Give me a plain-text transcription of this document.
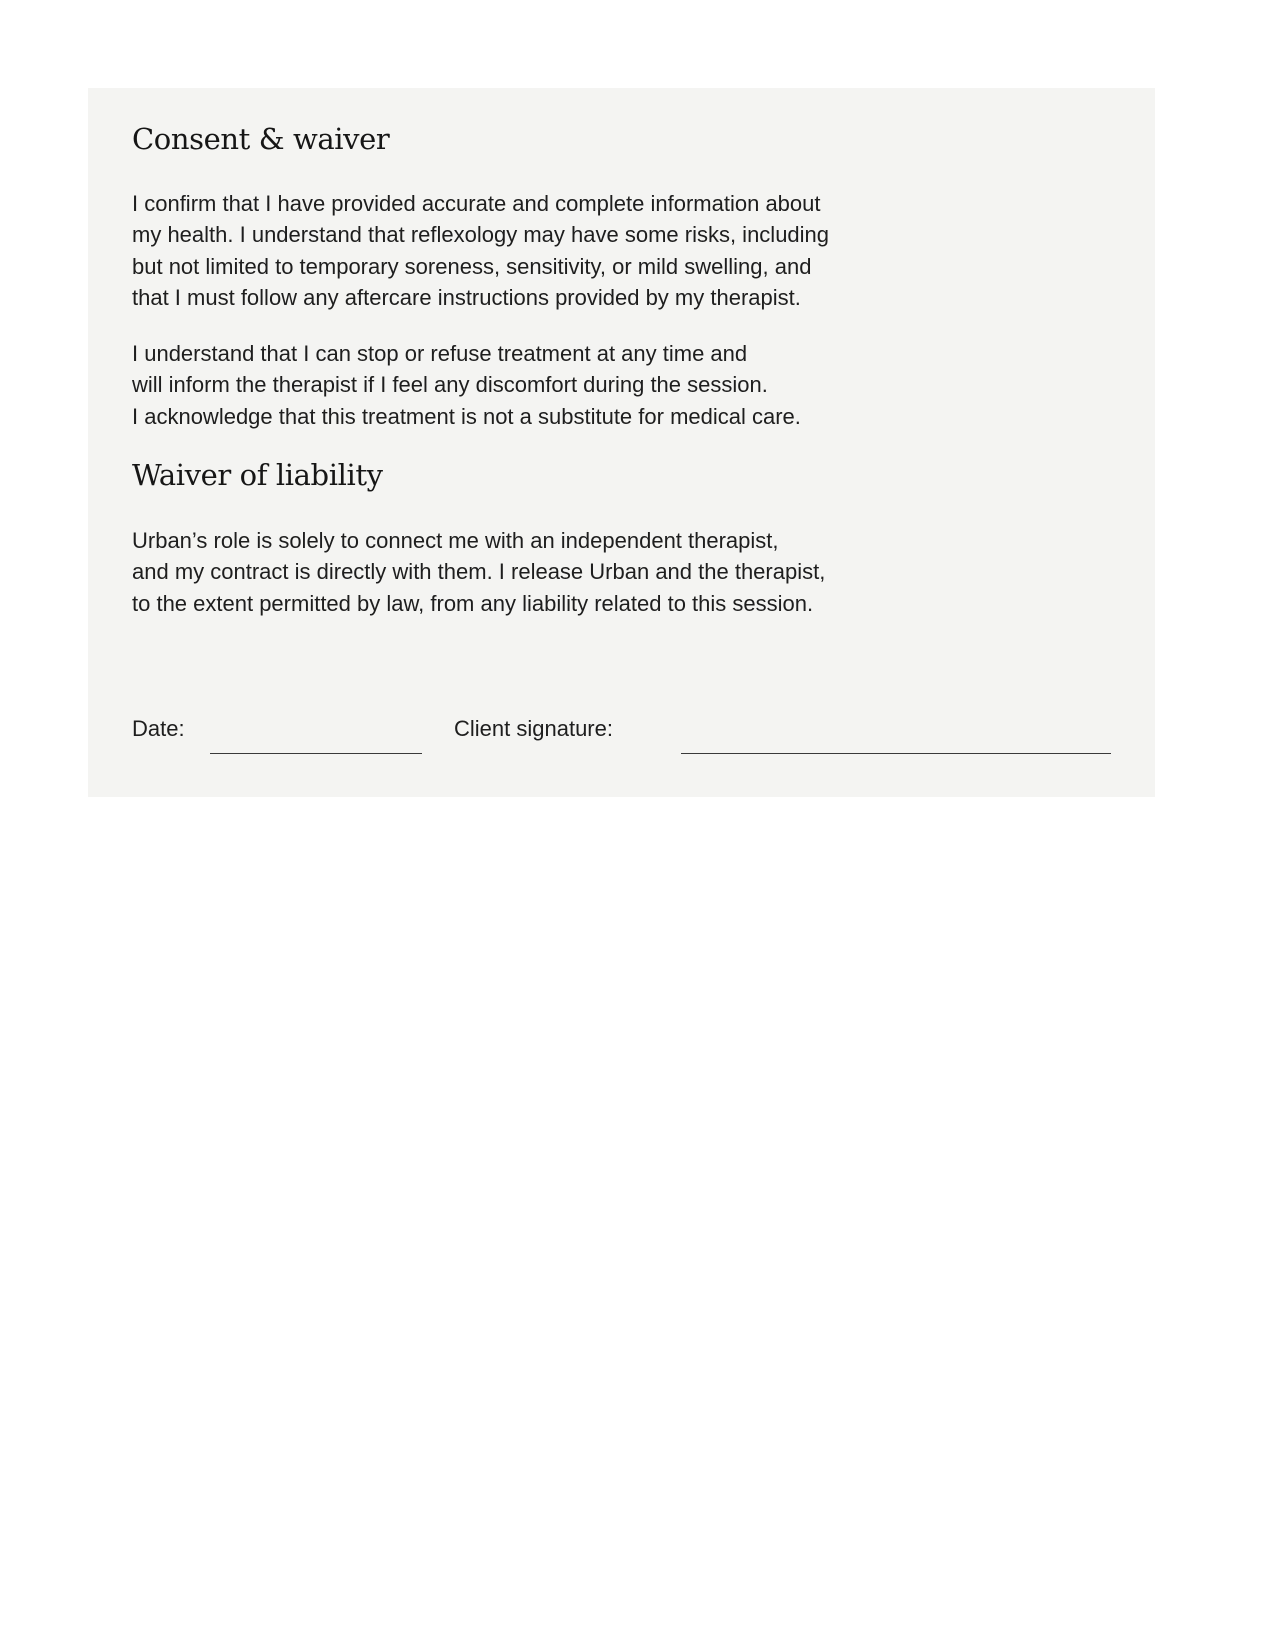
Consent & waiver

I confirm that I have provided accurate and complete information about
my health. I understand that reflexology may have some risks, including
but not limited to temporary soreness, sensitivity, or mild swelling, and
that I must follow any aftercare instructions provided by my therapist.

I understand that I can stop or refuse treatment at any time and
will inform the therapist if I feel any discomfort during the session.
I acknowledge that this treatment is not a substitute for medical care.

Waiver of liability

Urban’s role is solely to connect me with an independent therapist,
and my contract is directly with them. I release Urban and the therapist,
to the extent permitted by law, from any liability related to this session.

Date:	Client signature:
